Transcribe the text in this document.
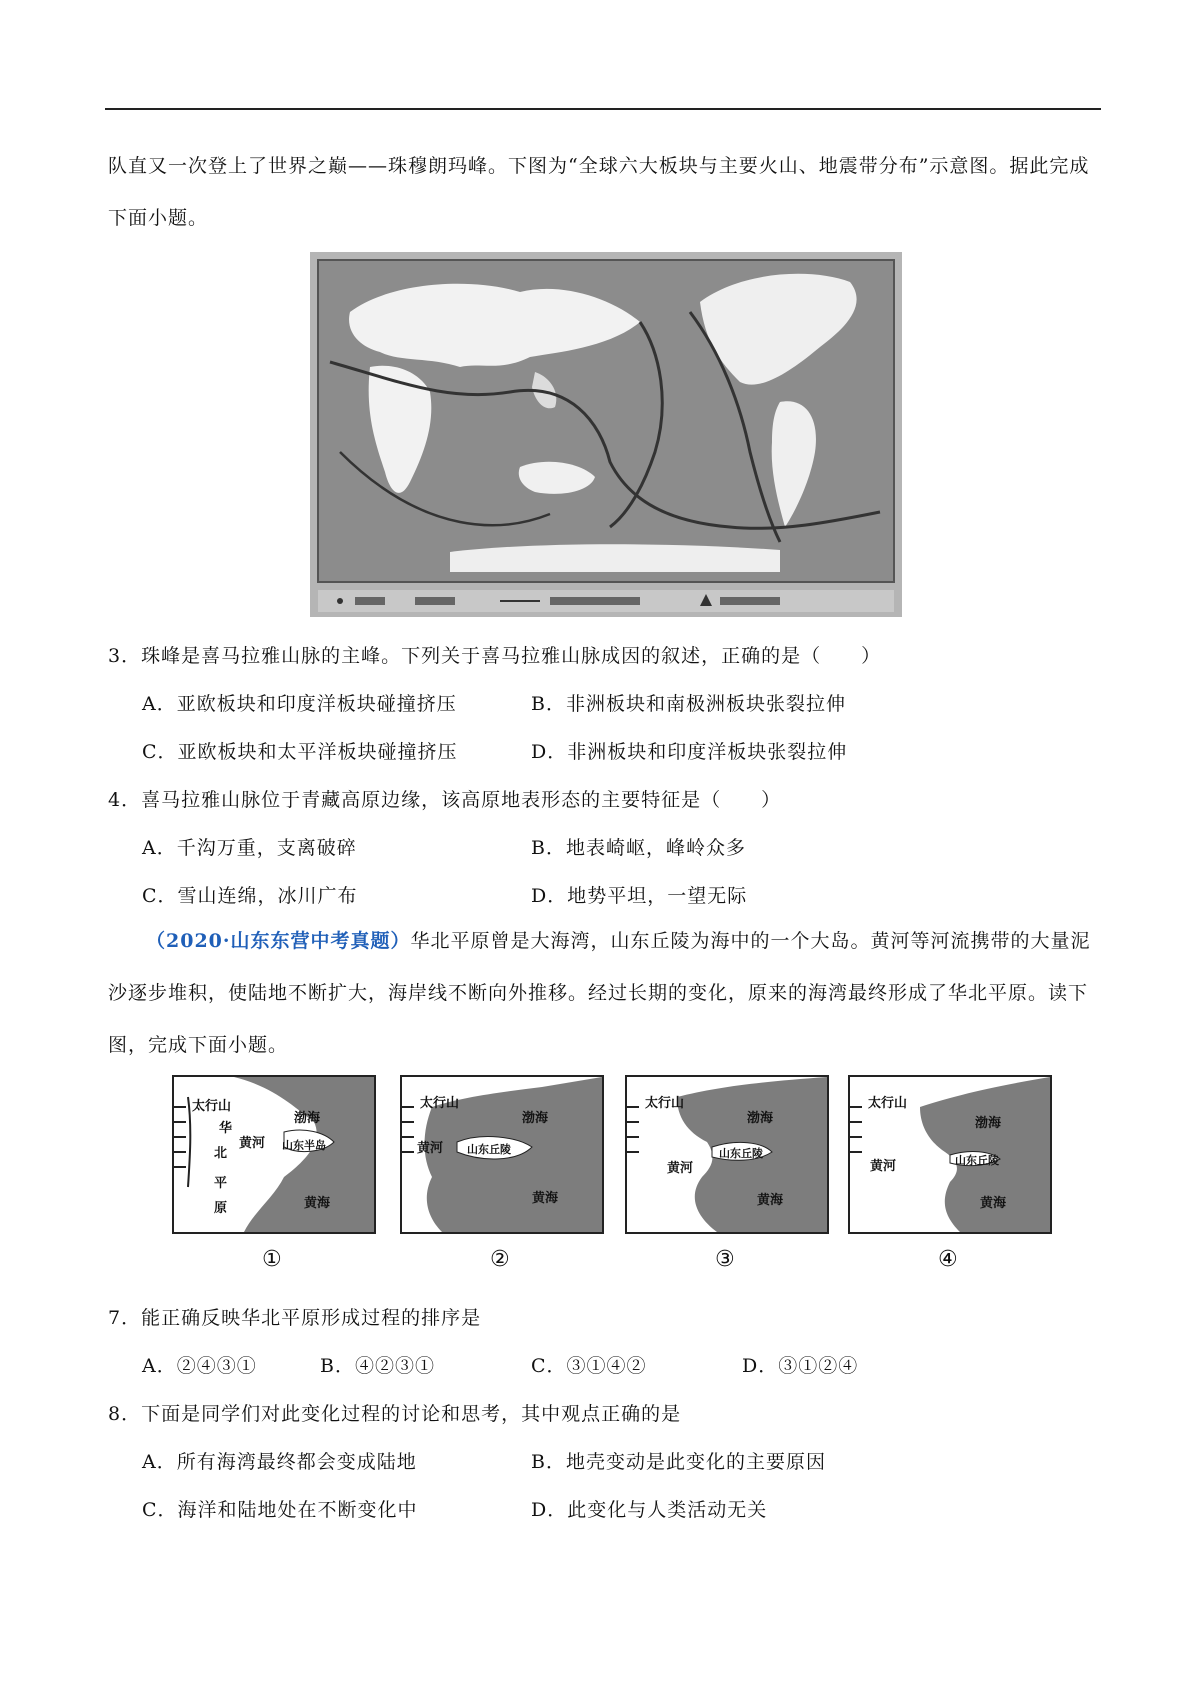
队直又一次登上了世界之巅——珠穆朗玛峰。下图为“全球六大板块与主要火山、地震带分布”示意图。据此完成下面小题。
3．珠峰是喜马拉雅山脉的主峰。下列关于喜马拉雅山脉成因的叙述，正确的是（　　）
A．亚欧板块和印度洋板块碰撞挤压	B．非洲板块和南极洲板块张裂拉伸
C．亚欧板块和太平洋板块碰撞挤压	D．非洲板块和印度洋板块张裂拉伸
4．喜马拉雅山脉位于青藏高原边缘，该高原地表形态的主要特征是（　　）
A．千沟万重，支离破碎	B．地表崎岖，峰岭众多
C．雪山连绵，冰川广布	D．地势平坦，一望无际
（2020·山东东营中考真题）华北平原曾是大海湾，山东丘陵为海中的一个大岛。黄河等河流携带的大量泥沙逐步堆积，使陆地不断扩大，海岸线不断向外推移。经过长期的变化，原来的海湾最终形成了华北平原。读下图，完成下面小题。
太行山
华
北
平
原
黄河 山东半岛
渤海
黄海
太行山
黄河 山东丘陵
渤海
黄海
太行山
黄河
山东丘陵
渤海
黄海
太行山
黄河	山东丘陵
渤海
黄海
①	②	③	④
7．能正确反映华北平原形成过程的排序是
A．②④③①	B．④②③①	C．③①④②	D．③①②④
8．下面是同学们对此变化过程的讨论和思考，其中观点正确的是
A．所有海湾最终都会变成陆地	B．地壳变动是此变化的主要原因
C．海洋和陆地处在不断变化中	D．此变化与人类活动无关
